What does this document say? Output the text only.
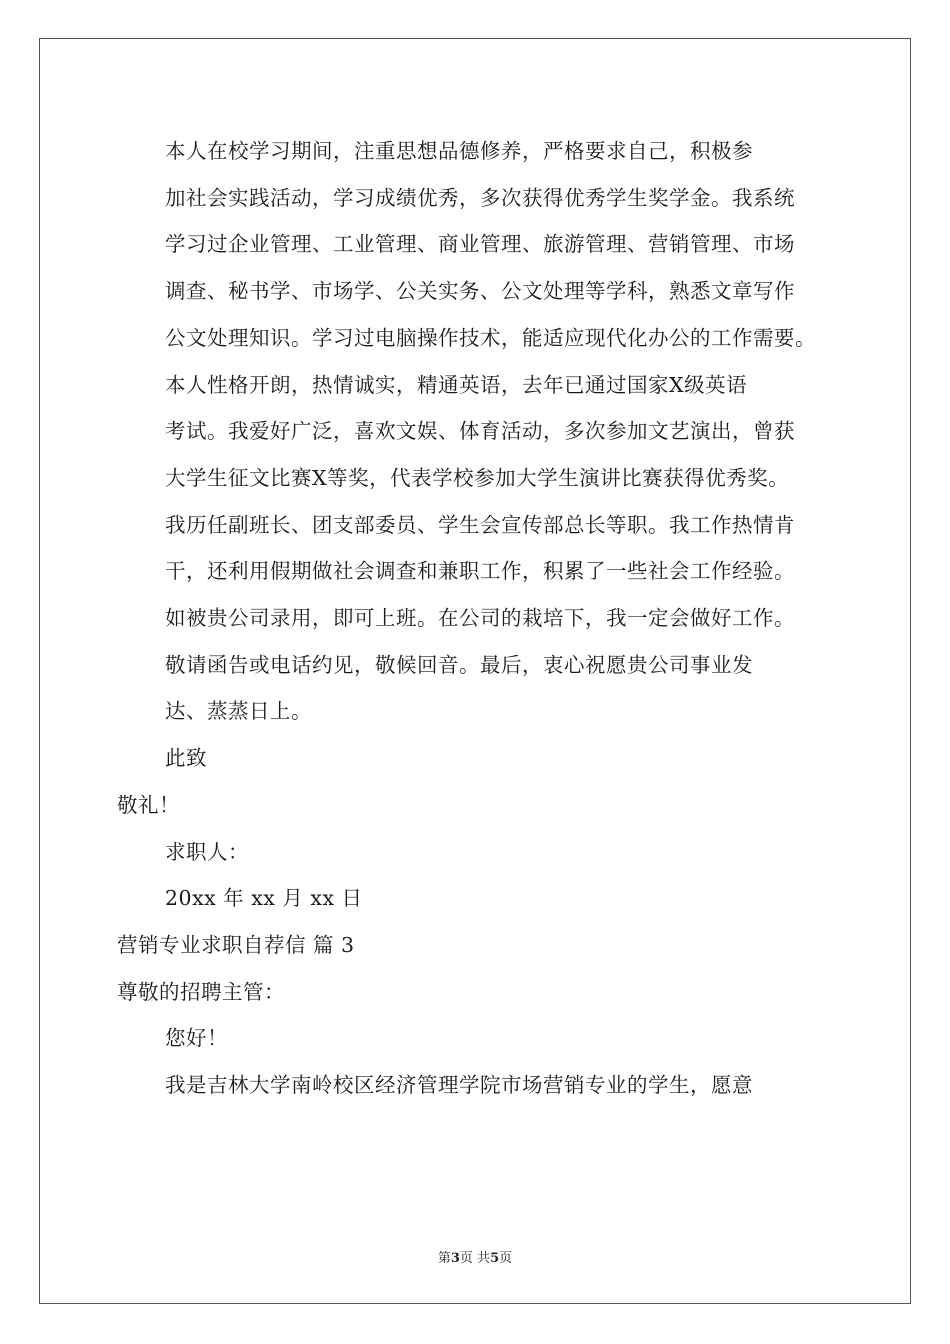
本人在校学习期间，注重思想品德修养，严格要求自己，积极参
加社会实践活动，学习成绩优秀，多次获得优秀学生奖学金。我系统
学习过企业管理、工业管理、商业管理、旅游管理、营销管理、市场
调查、秘书学、市场学、公关实务、公文处理等学科，熟悉文章写作
公文处理知识。学习过电脑操作技术，能适应现代化办公的工作需要。

本人性格开朗，热情诚实，精通英语，去年已通过国家X级英语
考试。我爱好广泛，喜欢文娱、体育活动，多次参加文艺演出，曾获
大学生征文比赛X等奖，代表学校参加大学生演讲比赛获得优秀奖。
我历任副班长、团支部委员、学生会宣传部总长等职。我工作热情肯
干，还利用假期做社会调查和兼职工作，积累了一些社会工作经验。
如被贵公司录用，即可上班。在公司的栽培下，我一定会做好工作。

敬请函告或电话约见，敬候回音。最后，衷心祝愿贵公司事业发
达、蒸蒸日上。

此致

敬礼！

求职人：

20xx 年 xx 月 xx 日

营销专业求职自荐信 篇 3

尊敬的招聘主管：

您好！

我是吉林大学南岭校区经济管理学院市场营销专业的学生，愿意

第3页 共5页
